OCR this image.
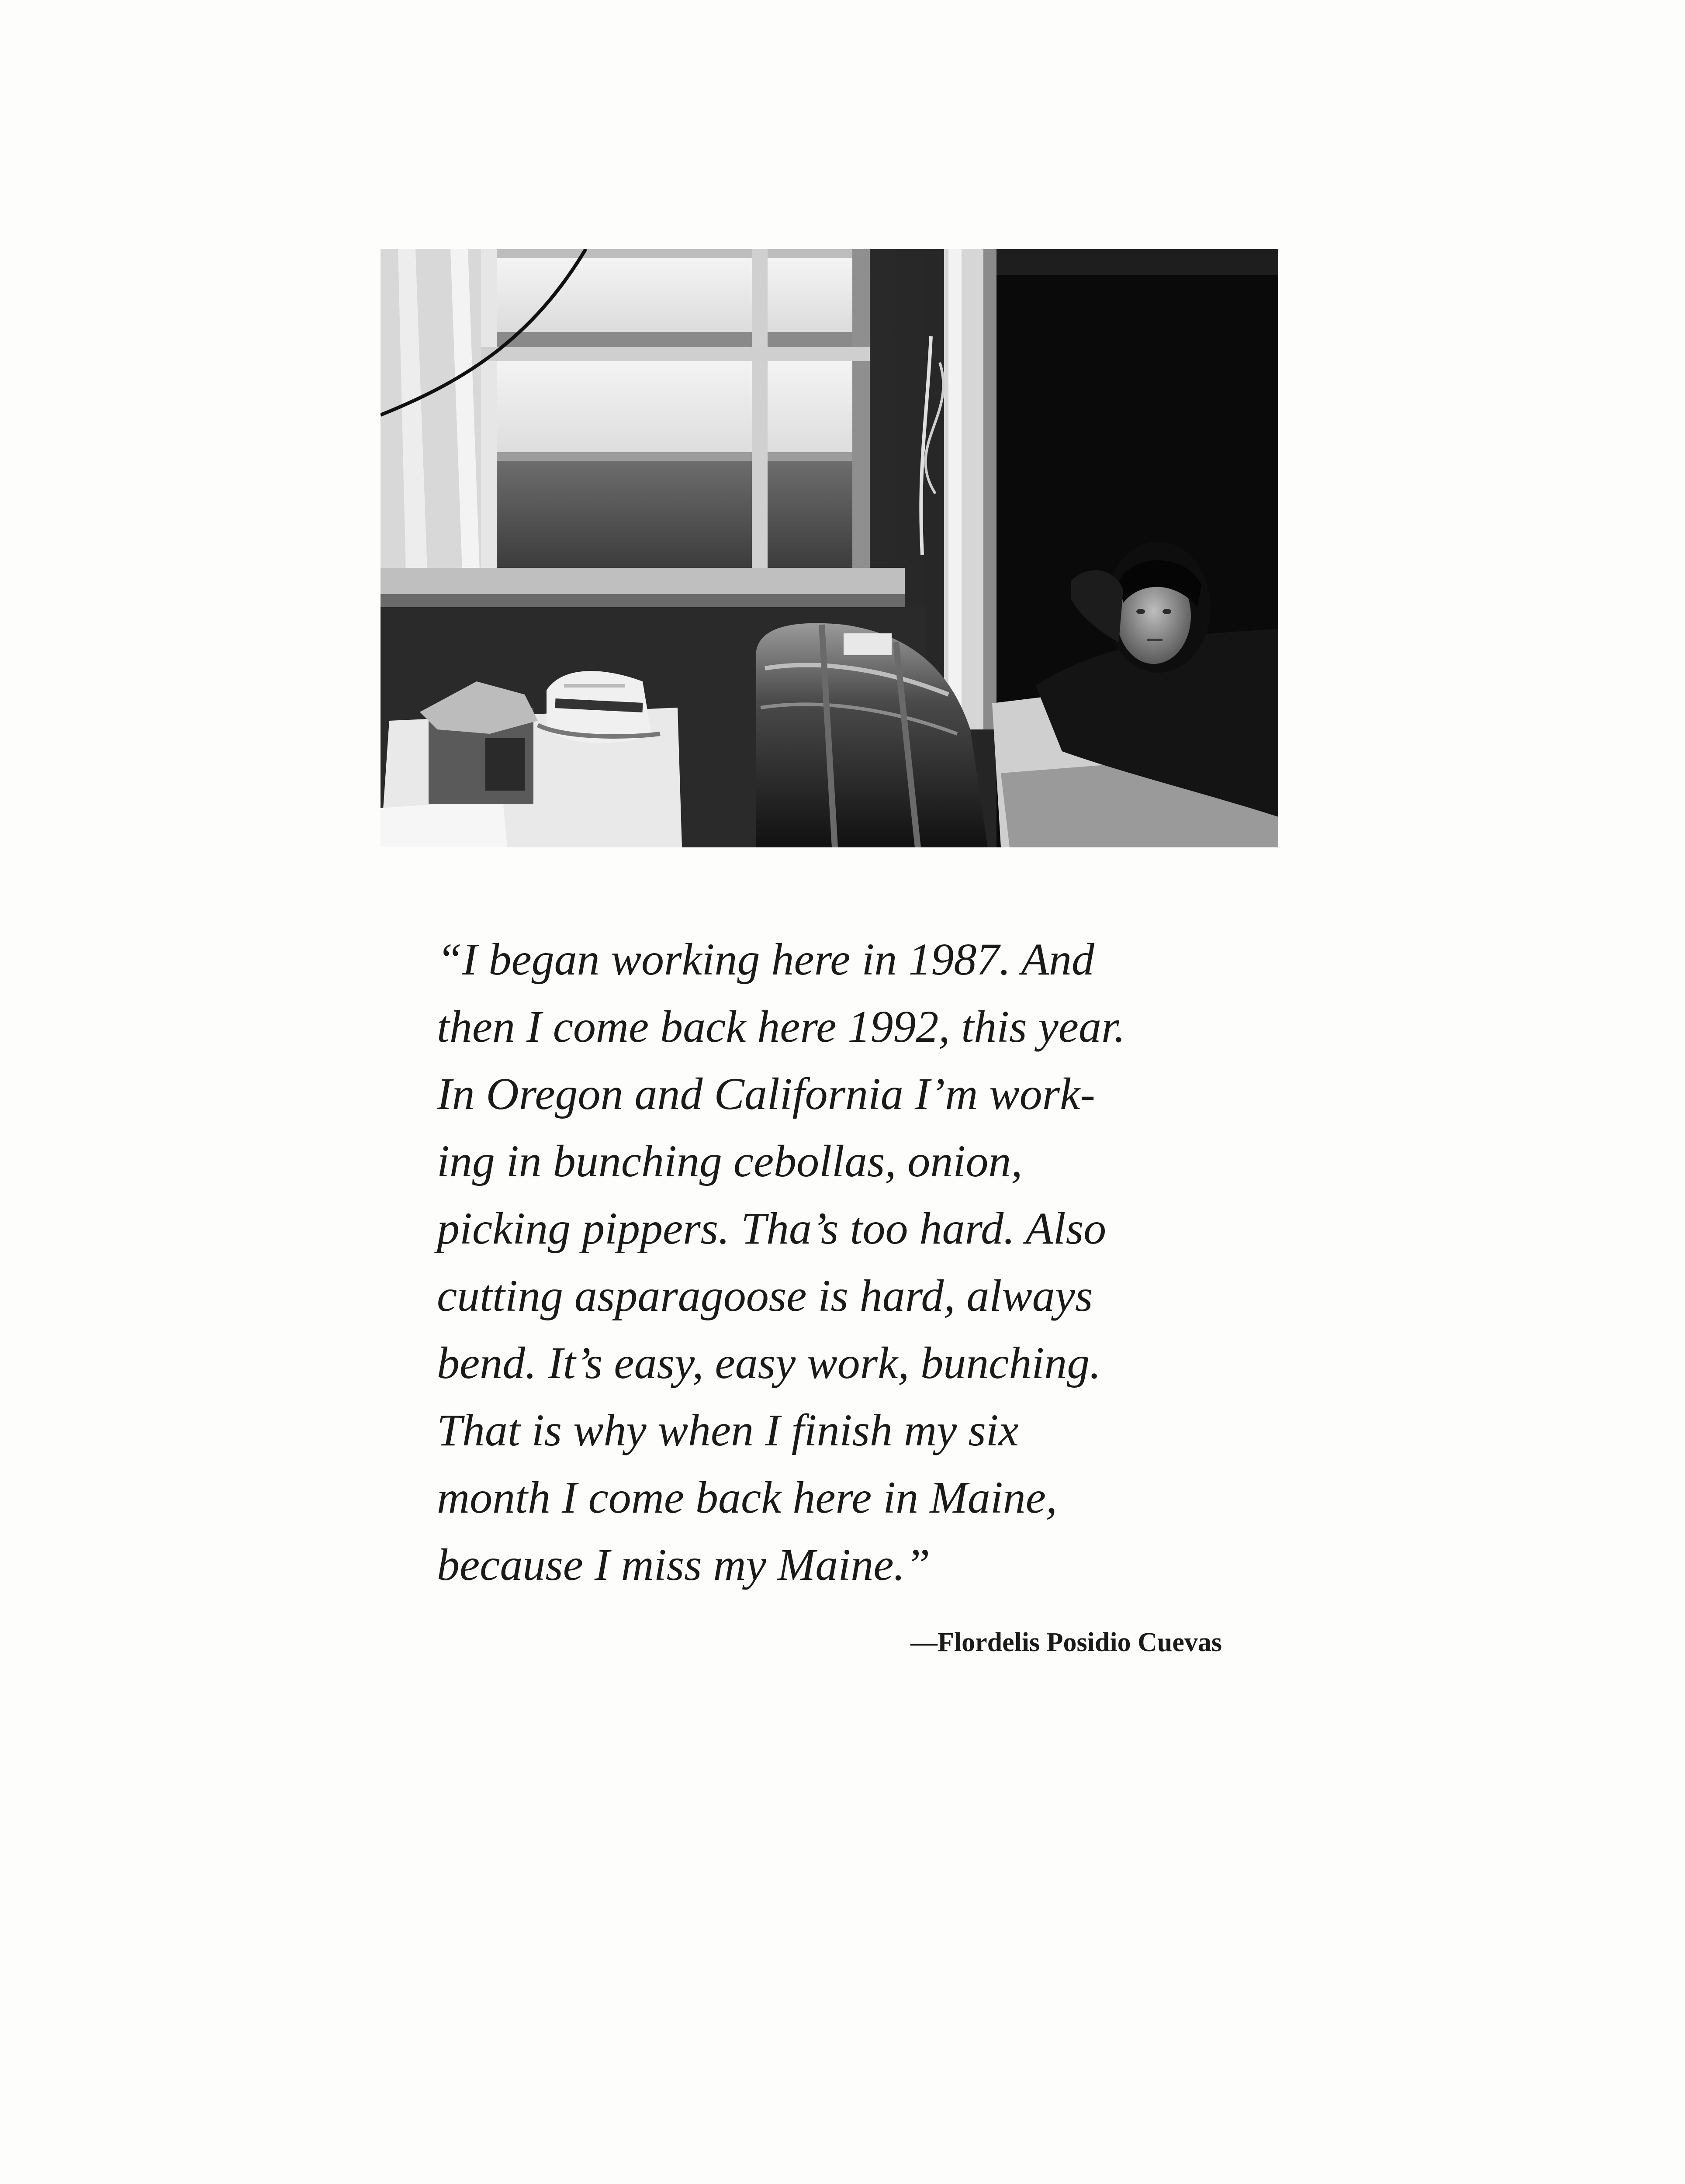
“I began working here in 1987. And
then I come back here 1992, this year.
In Oregon and California I’m work-
ing in bunching cebollas, onion,
picking pippers. Tha’s too hard. Also
cutting asparagoose is hard, always
bend. It’s easy, easy work, bunching.
That is why when I finish my six
month I come back here in Maine,
because I miss my Maine.”

—Flordelis Posidio Cuevas
